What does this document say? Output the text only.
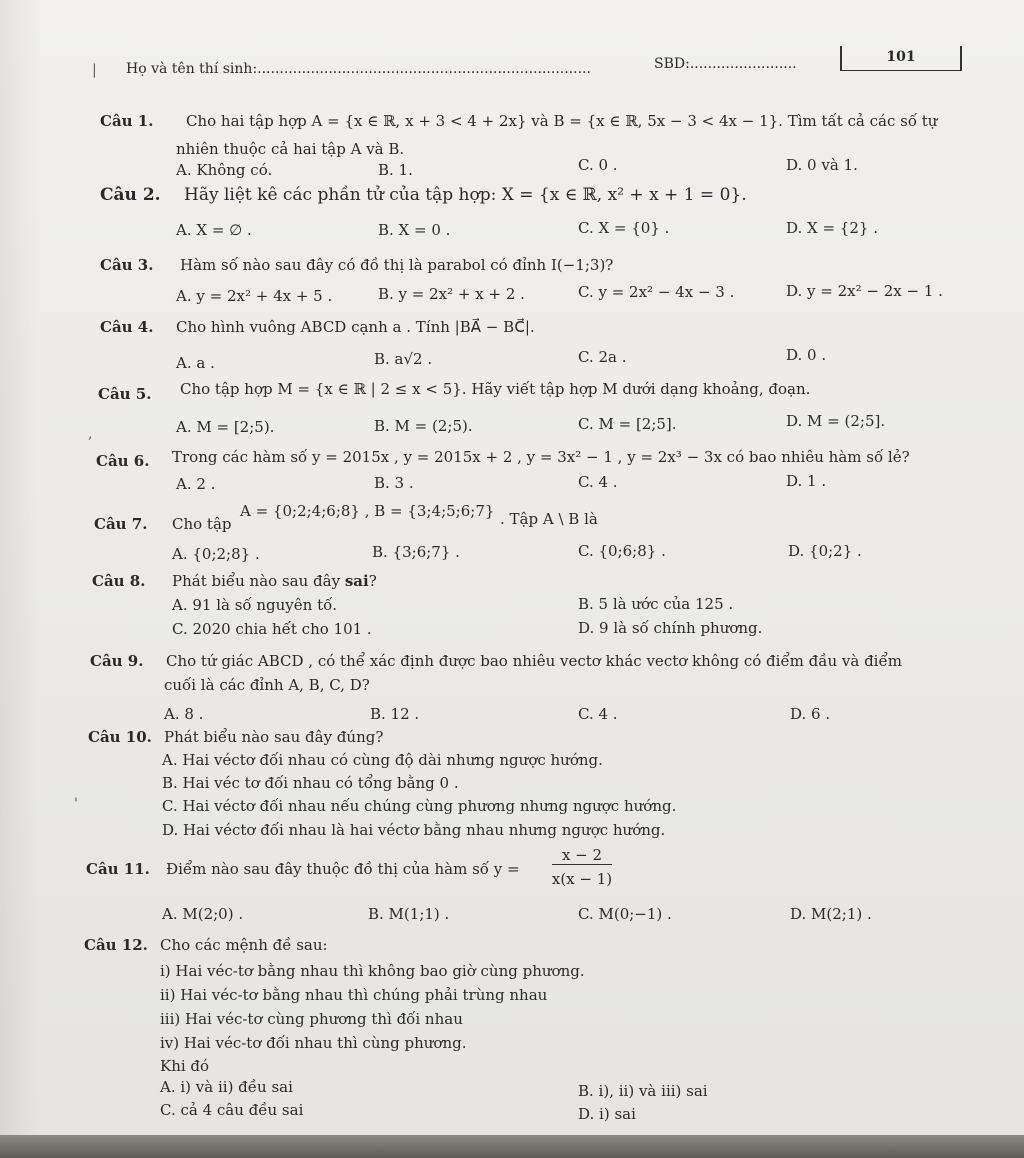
| Họ và tên thí sinh:...........................................................................	SBD:........................	101
Câu 1. Cho hai tập hợp A = {x ∈ ℝ, x + 3 < 4 + 2x} và B = {x ∈ ℝ, 5x − 3 < 4x − 1}. Tìm tất cả các số tự
nhiên thuộc cả hai tập A và B.
A. Không có.	B. 1.	C. 0 .	D. 0 và 1.
Câu 2. Hãy liệt kê các phần tử của tập hợp: X = {x ∈ ℝ, x² + x + 1 = 0}.
A. X = ∅ .	B. X = 0 .	C. X = {0} .	D. X = {2} .
Câu 3. Hàm số nào sau đây có đồ thị là parabol có đỉnh I(−1;3)?
A. y = 2x² + 4x + 5 .	B. y = 2x² + x + 2 .	C. y = 2x² − 4x − 3 .	D. y = 2x² − 2x − 1 .
Câu 4. Cho hình vuông ABCD cạnh a . Tính |BA⃗ − BC⃗|.
A. a .	B. a√2 .	C. 2a .	D. 0 .
Câu 5. Cho tập hợp M = {x ∈ ℝ | 2 ≤ x < 5}. Hãy viết tập hợp M dưới dạng khoảng, đoạn.
,	A. M = [2;5).	B. M = (2;5).	C. M = [2;5].	D. M = (2;5].
Câu 6. Trong các hàm số y = 2015x , y = 2015x + 2 , y = 3x² − 1 , y = 2x³ − 3x có bao nhiêu hàm số lẻ?
A. 2 .	B. 3 .	C. 4 .	D. 1 .
Câu 7. Cho tập
A = {0;2;4;6;8} , B = {3;4;5;6;7} . Tập A \ B là
A. {0;2;8} .	B. {3;6;7} .	C. {0;6;8} .	D. {0;2} .
Câu 8. Phát biểu nào sau đây sai?
A. 91 là số nguyên tố.	B. 5 là ước của 125 .
C. 2020 chia hết cho 101 .	D. 9 là số chính phương.
Câu 9. Cho tứ giác ABCD , có thể xác định được bao nhiêu vectơ khác vectơ không có điểm đầu và điểm
cuối là các đỉnh A, B, C, D?
A. 8 .	B. 12 .	C. 4 .	D. 6 .
Câu 10. Phát biểu nào sau đây đúng?
A. Hai véctơ đối nhau có cùng độ dài nhưng ngược hướng.
B. Hai véc tơ đối nhau có tổng bằng 0 .
'	C. Hai véctơ đối nhau nếu chúng cùng phương nhưng ngược hướng.
D. Hai véctơ đối nhau là hai véctơ bằng nhau nhưng ngược hướng.
Câu 11. Điểm nào sau đây thuộc đồ thị của hàm số y =
x − 2
x(x − 1)
A. M(2;0) .	B. M(1;1) .	C. M(0;−1) .	D. M(2;1) .
Câu 12. Cho các mệnh đề sau:
i) Hai véc-tơ bằng nhau thì không bao giờ cùng phương.
ii) Hai véc-tơ bằng nhau thì chúng phải trùng nhau
iii) Hai véc-tơ cùng phương thì đối nhau
iv) Hai véc-tơ đối nhau thì cùng phương.
Khi đó
A. i) và ii) đều sai	B. i), ii) và iii) sai
C. cả 4 câu đều sai	D. i) sai
